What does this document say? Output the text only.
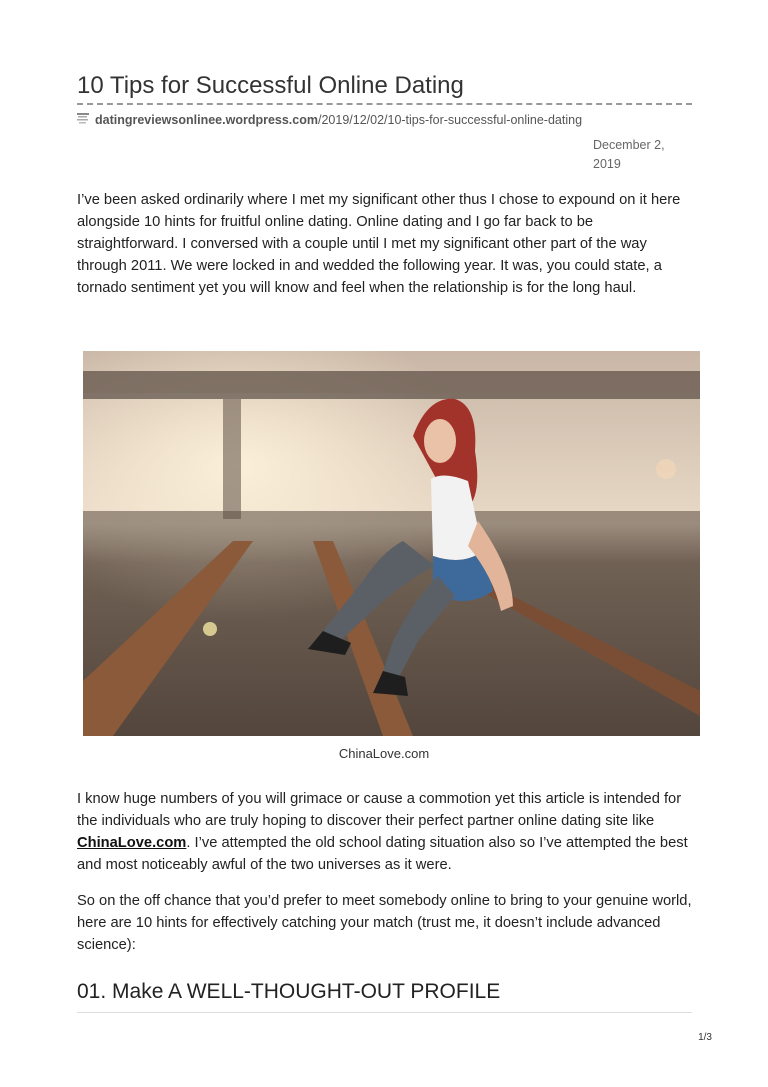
10 Tips for Successful Online Dating
datingreviewsonlinee.wordpress.com/2019/12/02/10-tips-for-successful-online-dating
December 2,
2019

I’ve been asked ordinarily where I met my significant other thus I chose to expound on it here alongside 10 hints for fruitful online dating. Online dating and I go far back to be straightforward. I conversed with a couple until I met my significant other part of the way through 2011. We were locked in and wedded the following year. It was, you could state, a tornado sentiment yet you will know and feel when the relationship is for the long haul.

ChinaLove.com

I know huge numbers of you will grimace or cause a commotion yet this article is intended for the individuals who are truly hoping to discover their perfect partner online dating site like ChinaLove.com. I’ve attempted the old school dating situation also so I’ve attempted the best and most noticeably awful of the two universes as it were.

So on the off chance that you’d prefer to meet somebody online to bring to your genuine world, here are 10 hints for effectively catching your match (trust me, it doesn’t include advanced science):

01. Make A WELL-THOUGHT-OUT PROFILE
1/3
